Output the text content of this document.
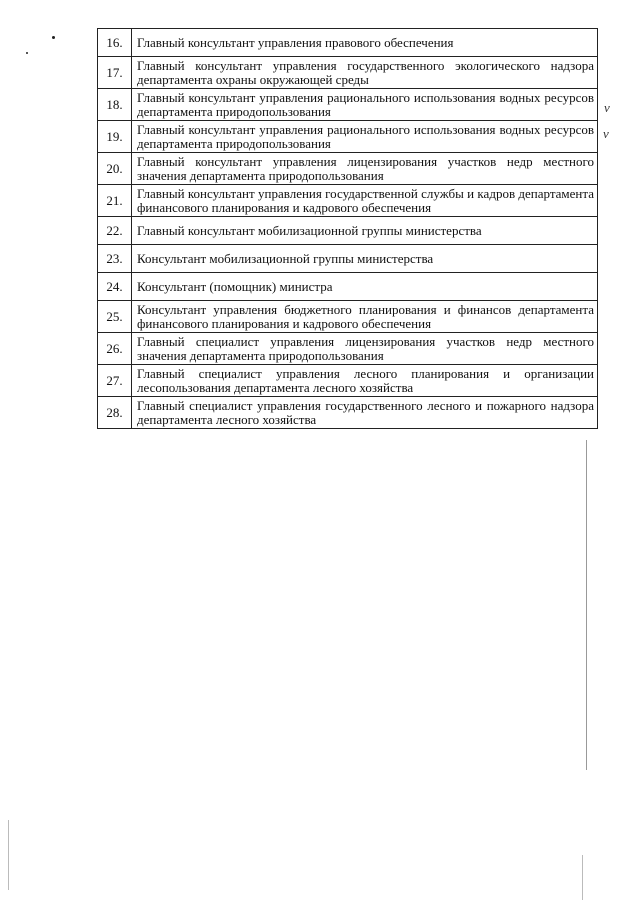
16.	Главный консультант управления правового обеспечения
17.	Главный консультант управления государственного экологического надзора департамента охраны окружающей среды
18.	Главный консультант управления рационального использования водных ресурсов департамента природопользования
19.	Главный консультант управления рационального использования водных ресурсов департамента природопользования
20.	Главный консультант управления лицензирования участков недр местного значения департамента природопользования
21.	Главный консультант управления государственной службы и кадров департамента финансового планирования и кадрового обеспечения
22.	Главный консультант мобилизационной группы министерства
23.	Консультант мобилизационной группы министерства
24.	Консультант (помощник) министра
25.	Консультант управления бюджетного планирования и финансов департамента финансового планирования и кадрового обеспечения
26.	Главный специалист управления лицензирования участков недр местного значения департамента природопользования
27.	Главный специалист управления лесного планирования и организации лесопользования департамента лесного хозяйства
28.	Главный специалист управления государственного лесного и пожарного надзора департамента лесного хозяйства
v
v
